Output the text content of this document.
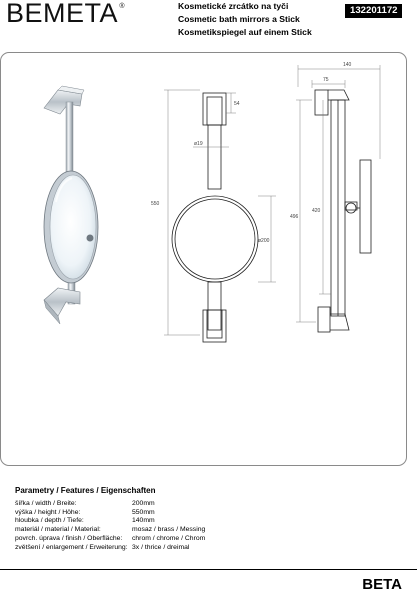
BEMETA ®	Kosmetické zrcátko na tyči
Cosmetic bath mirrors a Stick
Kosmetikspiegel auf einem Stick
132201172
54
ø19
ø200
550
140
75
420
496
Parametry / Features / Eigenschaften
šířka / width / Breite:	200mm
výška / height / Höhe:	550mm
hloubka / depth / Tiefe:	140mm
materiál / material / Material:	mosaz / brass / Messing
povrch. úprava / finish / Oberfläche:	chrom / chrome / Chrom
zvětšení / enlargement / Erweiterung: 3x / thrice / dreimal
BETA
